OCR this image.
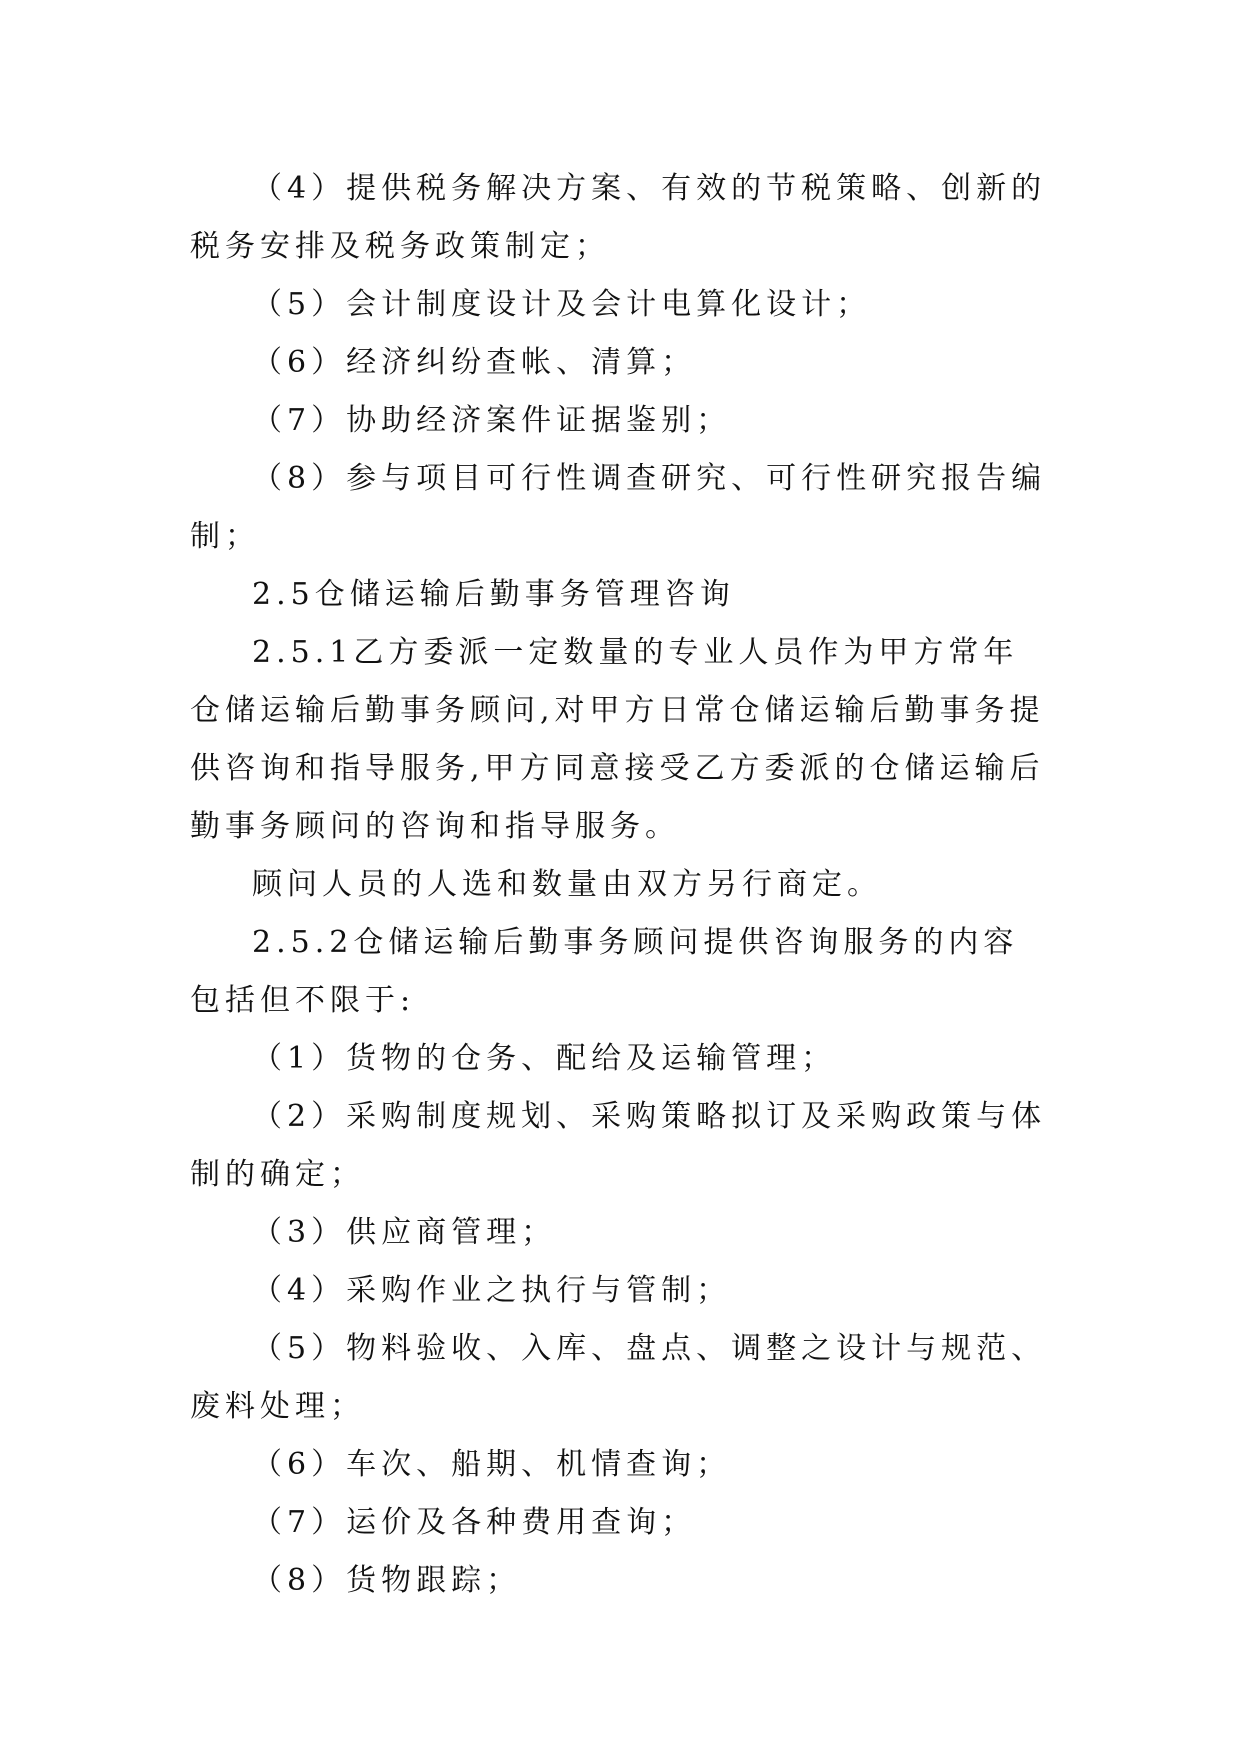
（4）提供税务解决方案、有效的节税策略、创新的税务安排及税务政策制定；

（5）会计制度设计及会计电算化设计；

（6）经济纠纷查帐、清算；

（7）协助经济案件证据鉴别；

（8）参与项目可行性调查研究、可行性研究报告编制；

2.5仓储运输后勤事务管理咨询

2.5.1乙方委派一定数量的专业人员作为甲方常年仓储运输后勤事务顾问,对甲方日常仓储运输后勤事务提供咨询和指导服务,甲方同意接受乙方委派的仓储运输后勤事务顾问的咨询和指导服务。

顾问人员的人选和数量由双方另行商定。

2.5.2仓储运输后勤事务顾问提供咨询服务的内容包括但不限于:

（1）货物的仓务、配给及运输管理；

（2）采购制度规划、采购策略拟订及采购政策与体制的确定；

（3）供应商管理；

（4）采购作业之执行与管制；

（5）物料验收、入库、盘点、调整之设计与规范、废料处理；

（6）车次、船期、机情查询；

（7）运价及各种费用查询；

（8）货物跟踪；
